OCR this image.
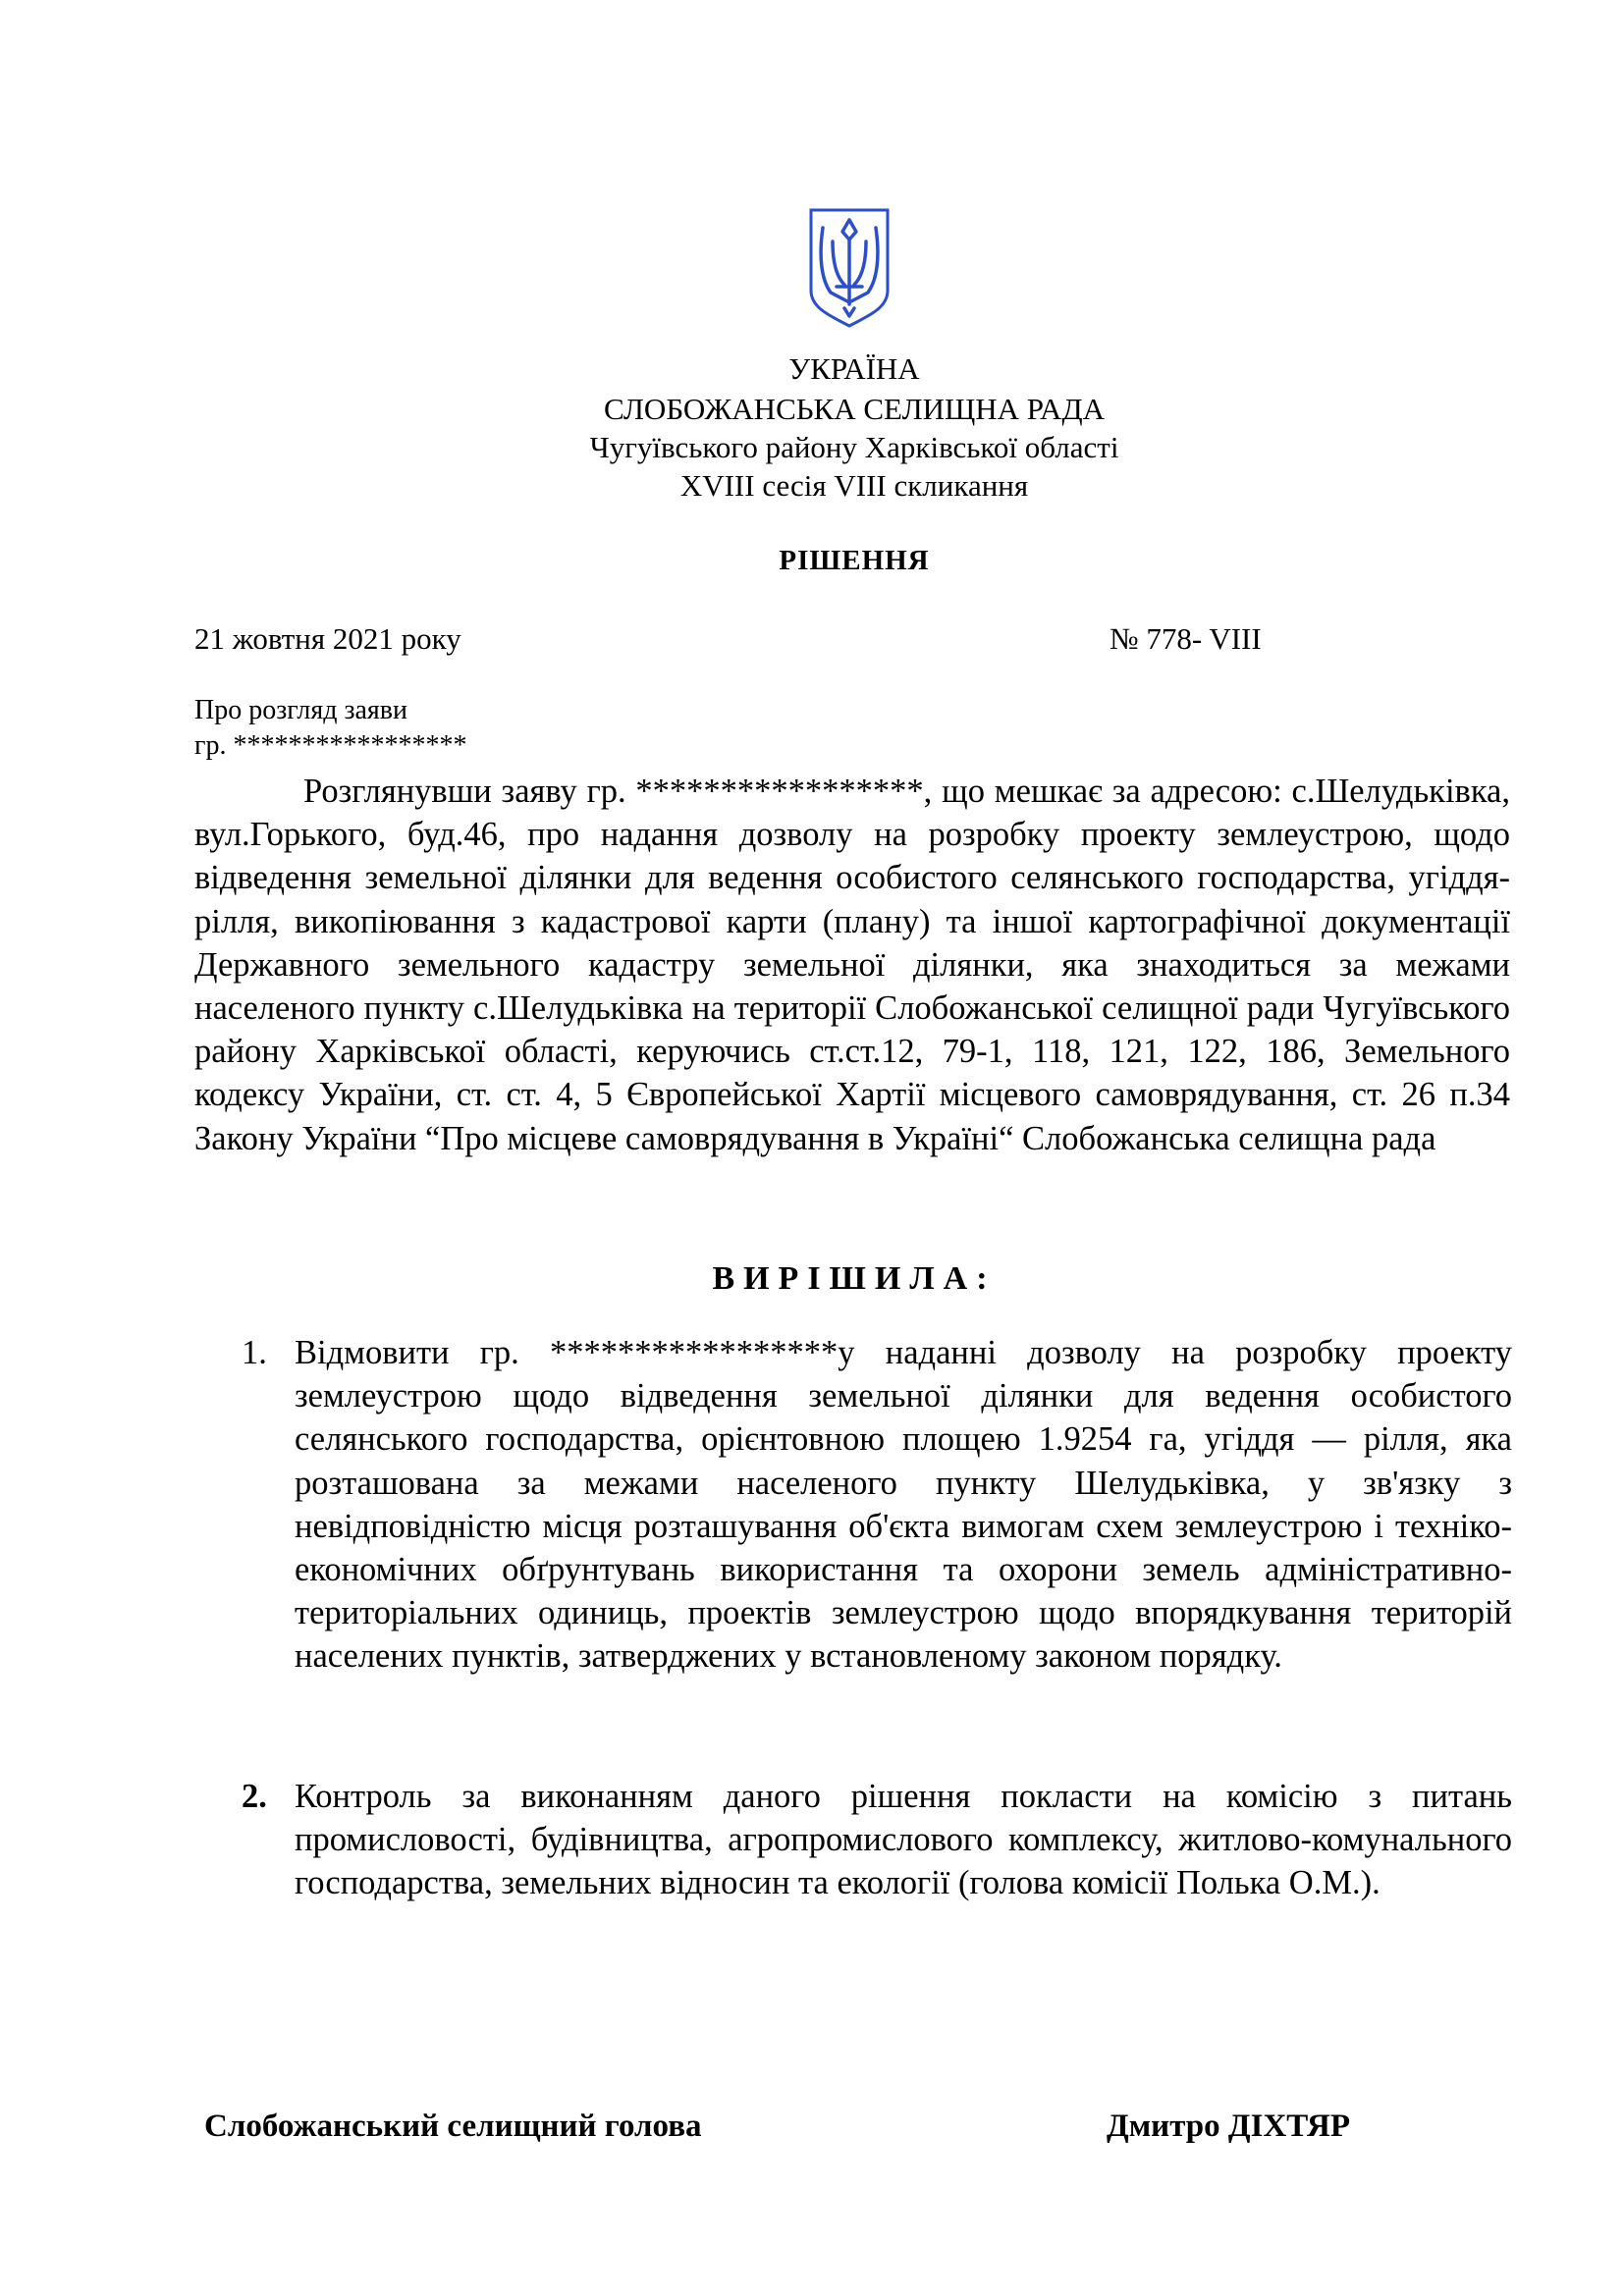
УКРАЇНА
СЛОБОЖАНСЬКА СЕЛИЩНА РАДА
Чугуївського району Харківської області
XVIII сесія VIII скликання
РІШЕННЯ
21 жовтня 2021 року	№ 778- VIII
Про розгляд заяви
гр. *****************

Розглянувши заяву гр. *****************, що мешкає за адресою: с.Шелудьківка, вул.Горького, буд.46, про надання дозволу на розробку проекту землеустрою, щодо відведення земельної ділянки для ведення особистого селянського господарства, угіддя-рілля, викопіювання з кадастрової карти (плану) та іншої картографічної документації Державного земельного кадастру земельної ділянки, яка знаходиться за межами населеного пункту с.Шелудьківка на території Слобожанської селищної ради Чугуївського району Харківської області, керуючись ст.ст.12, 79-1, 118, 121, 122, 186, Земельного кодексу України, ст. ст. 4, 5 Європейської Хартії місцевого самоврядування, ст. 26 п.34 Закону України “Про місцеве самоврядування в Україні“ Слобожанська селищна рада

ВИРІШИЛА:
1. Відмовити гр. *****************у наданні дозволу на розробку проекту землеустрою щодо відведення земельної ділянки для ведення особистого селянського господарства, орієнтовною площею 1.9254 га, угіддя — рілля, яка розташована за межами населеного пункту Шелудьківка, у зв'язку з невідповідністю місця розташування об'єкта вимогам схем землеустрою і техніко-економічних обґрунтувань використання та охорони земель адміністративно-територіальних одиниць, проектів землеустрою щодо впорядкування територій населених пунктів, затверджених у встановленому законом порядку.
2. Контроль за виконанням даного рішення покласти на комісію з питань промисловості, будівництва, агропромислового комплексу, житлово-комунального господарства, земельних відносин та екології (голова комісії Полька О.М.).
Слобожанський селищний голова	Дмитро ДІХТЯР
